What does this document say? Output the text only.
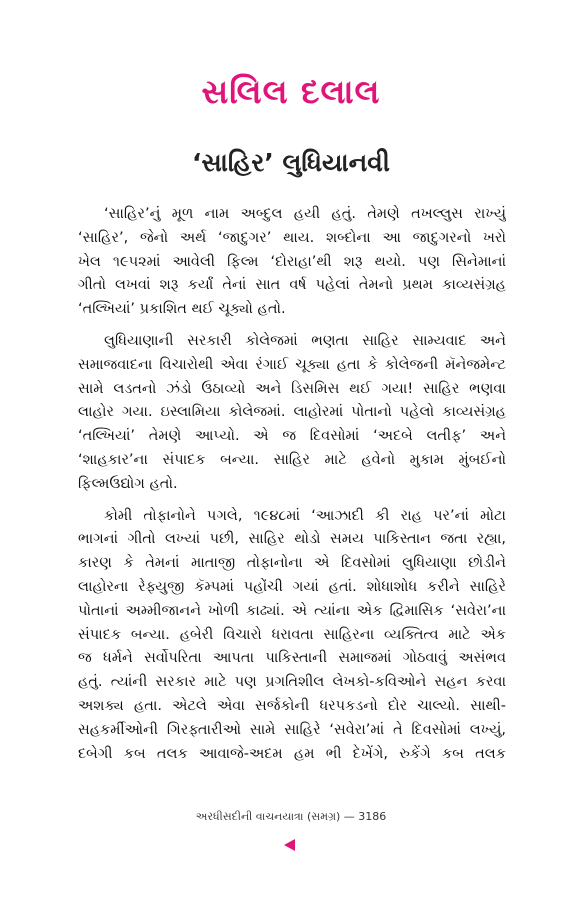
સલિલ દલાલ
‘સાહિર’ લુધિયાનવી
‘સાહિર’નું મૂળ નામ અબ્દુલ હયી હતું. તેમણે તખલ્લુસ રાખ્યું
‘સાહિર’, જેનો અર્થ ‘જાદુગર’ થાય. શબ્દોના આ જાદુગરનો ખરો
ખેલ ૧૯૫૨માં આવેલી ફિલ્મ ‘દોરાહા’થી શરૂ થયો. પણ સિનેમાનાં
ગીતો લખવાં શરૂ કર્યાં તેનાં સાત વર્ષ પહેલાં તેમનો પ્રથમ કાવ્યસંગ્રહ
‘તલ્ખિયાં’ પ્રકાશિત થઈ ચૂક્યો હતો.
લુધિયાણાની સરકારી કોલેજમાં ભણતા સાહિર સામ્યવાદ અને
સમાજવાદના વિચારોથી એવા રંગાઈ ચૂક્યા હતા કે કોલેજની મૅનેજમેન્ટ
સામે લડતનો ઝંડો ઉઠાવ્યો અને ડિસમિસ થઈ ગયા! સાહિર ભણવા
લાહોર ગયા. ઇસ્લામિયા કોલેજમાં. લાહોરમાં પોતાનો પહેલો કાવ્યસંગ્રહ
‘તલ્ખિયાં’ તેમણે આપ્યો. એ જ દિવસોમાં ‘અદબે લતીફ’ અને
‘શાહકાર’ના સંપાદક બન્યા. સાહિર માટે હવેનો મુકામ મુંબઈનો
ફિલ્મઉદ્યોગ હતો.
કોમી તોફાનોને પગલે, ૧૯૪૮માં ‘આઝાદી કી રાહ પર’નાં મોટા
ભાગનાં ગીતો લખ્યાં પછી, સાહિર થોડો સમય પાકિસ્તાન જતા રહ્યા,
કારણ કે તેમનાં માતાજી તોફાનોના એ દિવસોમાં લુધિયાણા છોડીને
લાહોરના રેફ્યુજી કૅમ્પમાં પહોંચી ગયાં હતાં. શોધાશોધ કરીને સાહિરે
પોતાનાં અમ્મીજાનને ખોળી કાઢ્યાં. એ ત્યાંના એક દ્વિમાસિક ‘સવેરા’ના
સંપાદક બન્યા. હબેરી વિચારો ધરાવતા સાહિરના વ્યક્તિત્વ માટે એક
જ ધર્મને સર્વોપરિતા આપતા પાકિસ્તાની સમાજમાં ગોઠવાવું અસંભવ
હતું. ત્યાંની સરકાર માટે પણ પ્રગતિશીલ લેખકો-કવિઓને સહન કરવા
અશક્ય હતા. એટલે એવા સર્જકોની ધરપકડનો દોર ચાલ્યો. સાથી-
સહકર્મીઓની ગિરફ્તારીઓ સામે સાહિરે ‘સવેરા’માં તે દિવસોમાં લખ્યું,
દબેગી કબ તલક આવાજે-અદમ હમ ભી દેખેંગે, રુકેંગે કબ તલક
અરધીસદીની વાચનયાત્રા (સમગ્ર) — 3186
